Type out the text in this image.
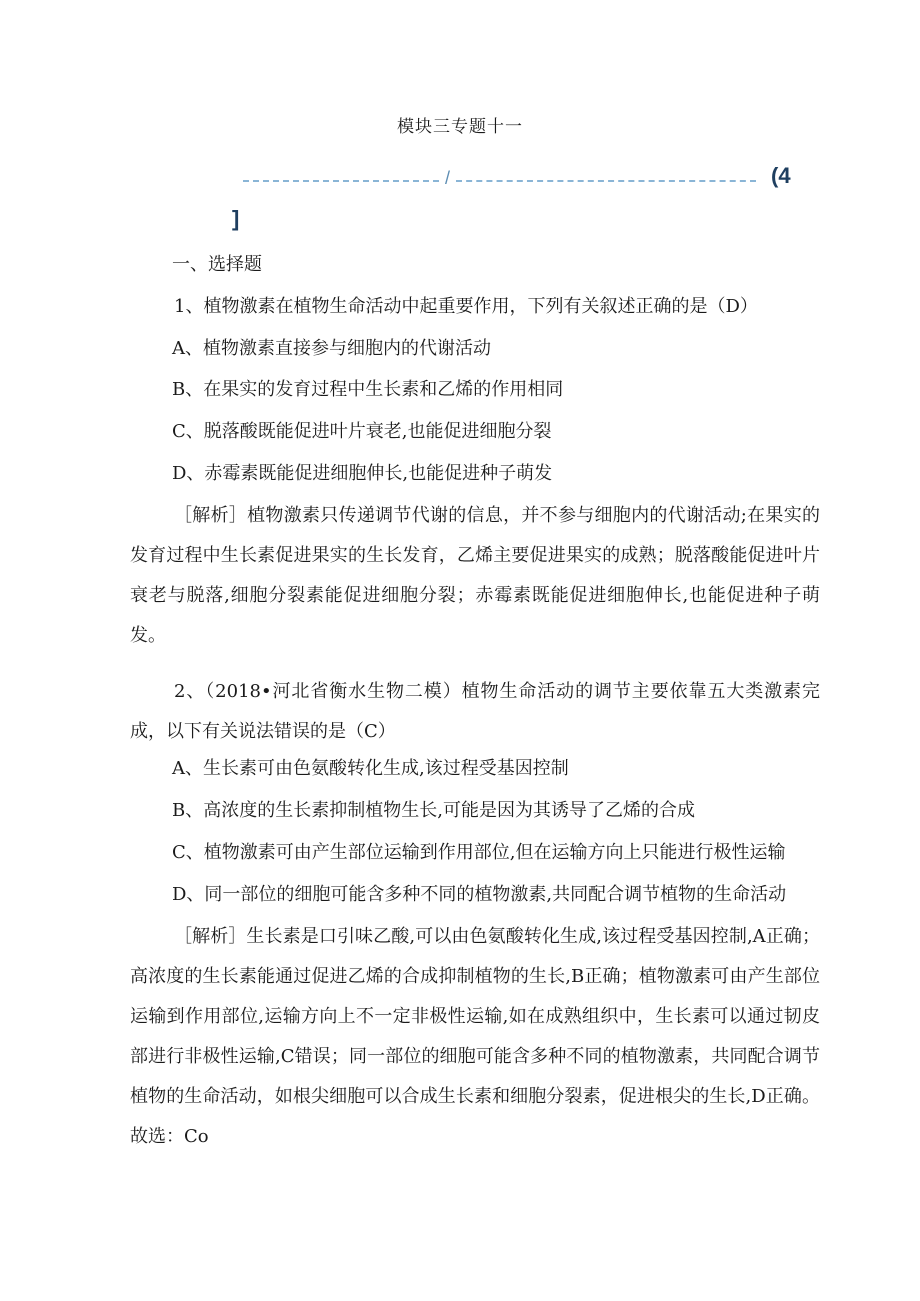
模块三专题十一
/	(4
]
一、选择题
1、植物激素在植物生命活动中起重要作用，下列有关叙述正确的是（D）
A、植物激素直接参与细胞内的代谢活动
B、在果实的发育过程中生长素和乙烯的作用相同
C、脱落酸既能促进叶片衰老,也能促进细胞分裂
D、赤霉素既能促进细胞伸长,也能促进种子萌发
［解析］植物激素只传递调节代谢的信息，并不参与细胞内的代谢活动;在果实的发育过程中生长素促进果实的生长发育，乙烯主要促进果实的成熟；脱落酸能促进叶片衰老与脱落,细胞分裂素能促进细胞分裂；赤霉素既能促进细胞伸长,也能促进种子萌发。
2、（2018•河北省衡水生物二模）植物生命活动的调节主要依靠五大类激素完成，以下有关说法错误的是（C）
A、生长素可由色氨酸转化生成,该过程受基因控制
B、高浓度的生长素抑制植物生长,可能是因为其诱导了乙烯的合成
C、植物激素可由产生部位运输到作用部位,但在运输方向上只能进行极性运输
D、同一部位的细胞可能含多种不同的植物激素,共同配合调节植物的生命活动
［解析］生长素是口引味乙酸,可以由色氨酸转化生成,该过程受基因控制,A正确；高浓度的生长素能通过促进乙烯的合成抑制植物的生长,B正确；植物激素可由产生部位运输到作用部位,运输方向上不一定非极性运输,如在成熟组织中，生长素可以通过韧皮部进行非极性运输,C错误；同一部位的细胞可能含多种不同的植物激素，共同配合调节植物的生命活动，如根尖细胞可以合成生长素和细胞分裂素，促进根尖的生长,D正确。故选：Co
